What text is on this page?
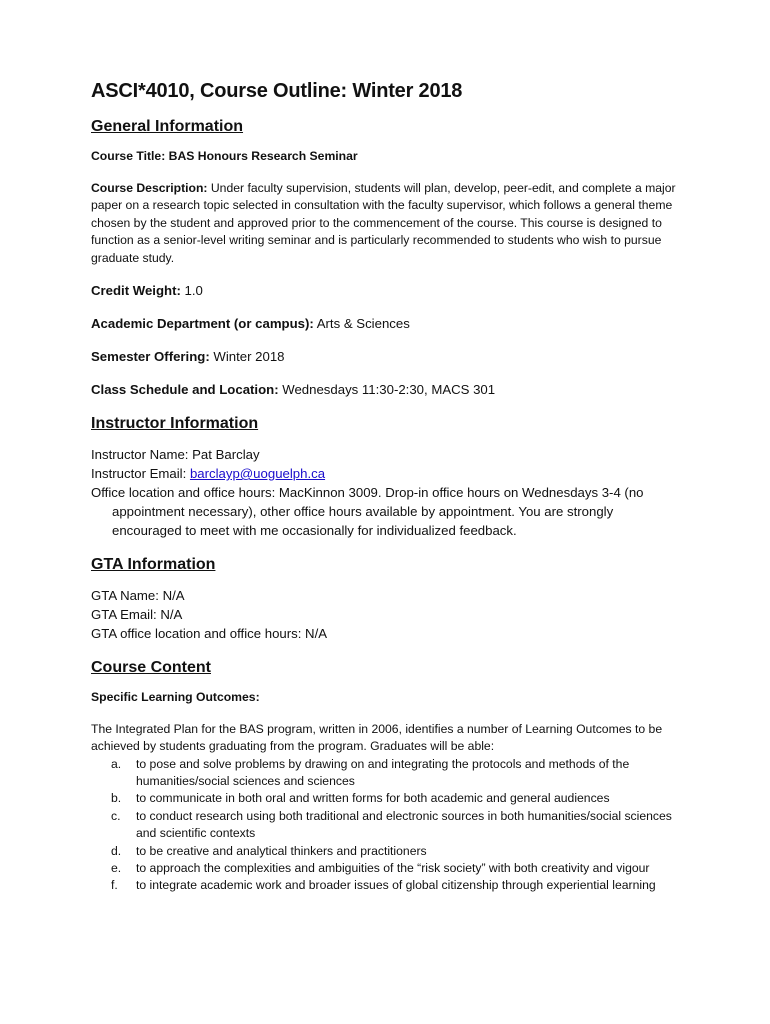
ASCI*4010, Course Outline: Winter 2018
General Information

Course Title: BAS Honours Research Seminar

Course Description: Under faculty supervision, students will plan, develop, peer-edit, and complete a major paper on a research topic selected in consultation with the faculty supervisor, which follows a general theme chosen by the student and approved prior to the commencement of the course. This course is designed to function as a senior-level writing seminar and is particularly recommended to students who wish to pursue graduate study.

Credit Weight: 1.0

Academic Department (or campus): Arts & Sciences

Semester Offering: Winter 2018

Class Schedule and Location: Wednesdays 11:30-2:30, MACS 301

Instructor Information

Instructor Name: Pat Barclay

Instructor Email: barclayp@uoguelph.ca

Office location and office hours: MacKinnon 3009. Drop-in office hours on Wednesdays 3-4 (no appointment necessary), other office hours available by appointment. You are strongly encouraged to meet with me occasionally for individualized feedback.

GTA Information

GTA Name: N/A

GTA Email: N/A

GTA office location and office hours: N/A

Course Content

Specific Learning Outcomes:

The Integrated Plan for the BAS program, written in 2006, identifies a number of Learning Outcomes to be achieved by students graduating from the program. Graduates will be able:

a. to pose and solve problems by drawing on and integrating the protocols and methods of the humanities/social sciences and sciences
b. to communicate in both oral and written forms for both academic and general audiences
c. to conduct research using both traditional and electronic sources in both humanities/social sciences and scientific contexts
d. to be creative and analytical thinkers and practitioners
e. to approach the complexities and ambiguities of the “risk society” with both creativity and vigour
f. to integrate academic work and broader issues of global citizenship through experiential learning
